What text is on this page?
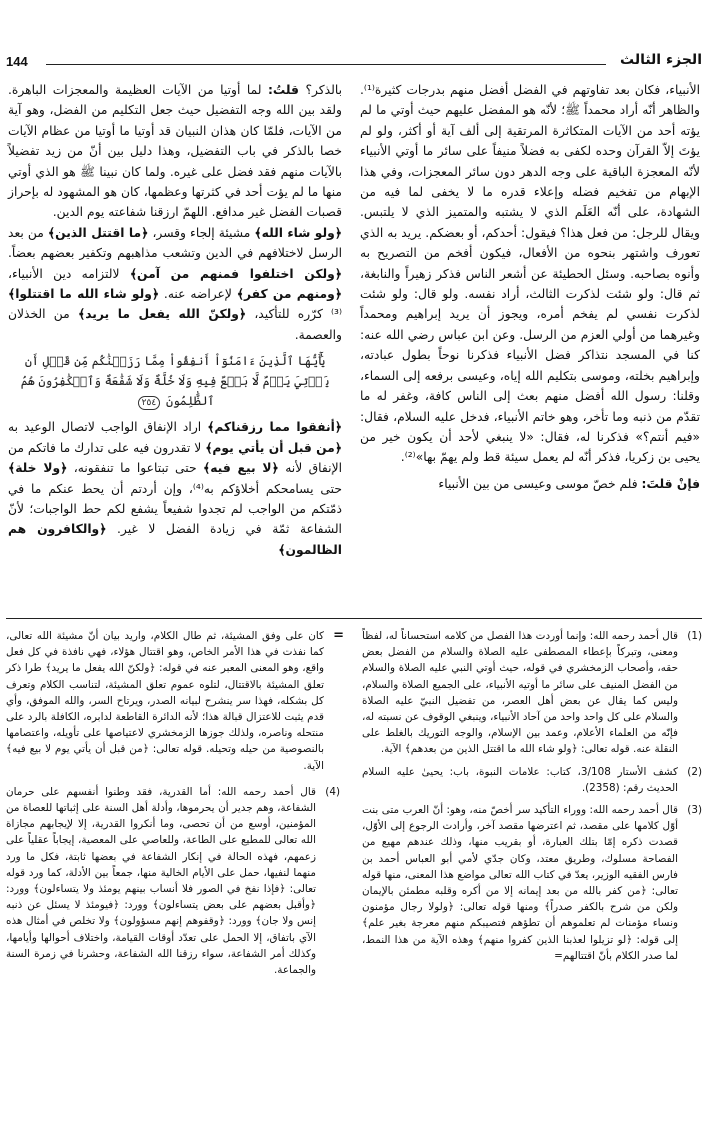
144	الجزء الثالث

الأنبياء، فكان بعد تفاوتهم في الفضل أفضل منهم بدرجات كثيرة⁽¹⁾. والظاهر أنّه أراد محمداً ﷺ؛ لأنّه هو المفضل عليهم حيث أوتي ما لم يؤته أحد من الآيات المتكاثرة المرتقية إلى ألف آية أو أكثر، ولو لم يؤتَ إلاّ القرآن وحده لكفى به فضلاً منيفاً على سائر ما أوتي الأنبياء لأنّه المعجزة الباقية على وجه الدهر دون سائر المعجزات، وفي هذا الإبهام من تفخيم فضله وإعلاء قدره ما لا يخفى لما فيه من الشهادة، على أنّه العَلَم الذي لا يشتبه والمتميز الذي لا يلتبس. ويقال للرجل: من فعل هذا؟ فيقول: أحدكم، أو بعضكم. يريد به الذي تعورف واشتهر بنحوه من الأفعال، فيكون أفخم من التصريح به وأنوه بصاحبه. وسئل الحطيئة عن أشعر الناس فذكر زهيراً والنابغة، ثم قال: ولو شئت لذكرت الثالث، أراد نفسه. ولو قال: ولو شئت لذكرت نفسي لم يفخم أمره، ويجوز أن يريد إبراهيم ومحمداً وغيرهما من أولي العزم من الرسل. وعن ابن عباس رضي الله عنه: كنا في المسجد نتذاكر فضل الأنبياء فذكرنا نوحاً بطول عبادته، وإبراهيم بخلته، وموسى بتكليم الله إياه، وعيسى برفعه إلى السماء، وقلنا: رسول الله أفضل منهم بعث إلى الناس كافة، وغفر له ما تقدّم من ذنبه وما تأخر، وهو خاتم الأنبياء، فدخل عليه السلام، فقال: «فيم أنتم؟» فذكرنا له، فقال: «لا ينبغي لأحد أن يكون خير من يحيى بن زكريا، فذكر أنّه لم يعمل سيئة قط ولم يهمّ بها»⁽²⁾.

فإنْ قلتَ: فلم خصّ موسى وعيسى من بين الأنبياء

بالذكر؟ قلتُ: لما أوتيا من الآيات العظيمة والمعجزات الباهرة. ولقد بين الله وجه التفضيل حيث جعل التكليم من الفضل، وهو آية من الآيات، فلمّا كان هذان النبيان قد أوتيا ما أوتيا من عظام الآيات خصا بالذكر في باب التفضيل، وهذا دليل بين أنّ من زيد تفضيلاً بالآيات منهم فقد فضل على غيره. ولما كان نبينا ﷺ هو الذي أوتي منها ما لم يؤت أحد في كثرتها وعظمها، كان هو المشهود له بإحراز قصبات الفضل غير مدافع. اللهمّ ارزقنا شفاعته يوم الدين.

﴿ولو شاء الله﴾ مشيئة إلجاء وقسر، ﴿ما اقتتل الذين﴾ من بعد الرسل لاختلافهم في الدين وتشعب مذاهبهم وتكفير بعضهم بعضاً. ﴿ولكن اختلفوا فمنهم من آمن﴾ لالتزامه دين الأنبياء، ﴿ومنهم من كفر﴾ لإعراضه عنه. ﴿ولو شاء الله ما اقتتلوا﴾ ⁽³⁾ كرّره للتأكيد، ﴿ولكنّ الله يفعل ما يريد﴾ من الخذلان والعصمة.

يَٰٓأَيُّهَا ٱلَّذِينَ ءَامَنُوٓاْ أَنفِقُواْ مِمَّا رَزَقۡنَٰكُم مِّن قَبۡلِ أَن يَأۡتِيَ يَوۡمٌ لَّا بَيۡعٌ فِيهِ وَلَا خُلَّةٌ وَلَا شَفَٰعَةٌ وَٱلۡكَٰفِرُونَ هُمُ ٱلظَّٰلِمُونَ ٢٥٤

﴿أنفقوا مما رزقناكم﴾ اراد الإنفاق الواجب لاتصال الوعيد به ﴿من قبل أن يأتي يوم﴾ لا تقدرون فيه على تدارك ما فاتكم من الإنفاق لأنه ﴿لا بيع فيه﴾ حتى تبتاعوا ما تنفقونه، ﴿ولا خلة﴾ حتى يسامحكم أخلاؤكم به⁽⁴⁾، وإن أردتم أن يحط عنكم ما في ذمّتكم من الواجب لم تجدوا شفيعاً يشفع لكم حط الواجبات؛ لأنّ الشفاعة ثمّة في زيادة الفضل لا غير. ﴿والكافرون هم الظالمون﴾

(1)
قال أحمد رحمه الله: وإنما أوردت هذا الفصل من كلامه استحساناً له، لفظاً ومعنى، وتبركاً بإعطاء المصطفى عليه الصلاة والسلام من الفضل بعض حقه، وأصحاب الزمخشري في قوله، حيث أوتي النبي عليه الصلاة والسلام من الفضل المنيف على سائر ما أوتيه الأنبياء، على الجميع الصلاة والسلام، وليس كما يقال عن بعض أهل العصر، من تفضيل النبيّ عليه الصلاة والسلام على كل واحد واحد من آحاد الأنبياء، وينبغي الوقوف عن نسبته له، فإنّه من العلماء الأعلام، وعمد بين الإسلام، والوجه التوريك بالغلط على النقلة عنه. قوله تعالى: ﴿ولو شاء الله ما اقتتل الذين من بعدهم﴾ الآية.
(2)
كشف الأستار 3/108، كتاب: علامات النبوة، باب: يحيىٰ عليه السلام الحديث رقم: (2358).
(3)
قال أحمد رحمه الله: ووراء التأكيد سر أخصّ منه، وهو: أنّ العرب متى بنت أوّل كلامها على مقصد، ثم اعترضها مقصد آخر، وأرادت الرجوع إلى الأوّل، قصدت ذكره إمّا بتلك العبارة، أو بقريب منها، وذلك عندهم مهيع من الفصاحة مسلوك، وطريق معتد، وكان جدّي لأمي أبو العباس أحمد بن فارس الفقيه الوزير، يعدّ في كتاب الله تعالى مواضع هذا المعنى، منها قوله تعالى: ﴿من كفر بالله من بعد إيمانه إلا من أكره وقلبه مطمئن بالإيمان ولكن من شرح بالكفر صدراً﴾ ومنها قوله تعالى: ﴿ولولا رجال مؤمنون ونساء مؤمنات لم تعلموهم أن تطؤهم فتصيبكم منهم معرجة بغير علم﴾ إلى قوله: ﴿لو تزيلوا لعذبنا الذين كفروا منهم﴾ وهذه الآية من هذا النمط، لما صدر الكلام بأنّ اقتتالهم=
=
كان على وفق المشيئة، ثم طال الكلام، واريد بيان أنّ مشيئة الله تعالى، كما نفذت في هذا الأمر الخاص، وهو اقتتال هؤلاء، فهي نافذة في كل فعل واقع، وهو المعنى المعبر عنه في قوله: ﴿ولكنّ الله يفعل ما يريد﴾ طرا ذكر تعلق المشيئة بالاقتتال، لتلوه عموم تعلق المشيئة، لتناسب الكلام وتعرف كل بشكله، فهذا سر ينشرح لبيانه الصدر، ويرتاح السر، والله الموفق، وأي قدم يثبت للاعتزال قبالة هذا؛ لأنه الدائرة القاطعة لدابره، الكافلة بالرد على منتحله وناصره، ولذلك جوزها الزمخشري لاعتياصها على تأويله، واعتصامها بالنصوصية من حيله وتحيله. قوله تعالى: ﴿من قبل أن يأتي يوم لا بيع فيه﴾ الآية.
(4)
قال أحمد رحمه الله: أما القدرية، فقد وطنوا أنفسهم على حرمان الشفاعة، وهم جدير أن يحرموها، وأدلة أهل السنة على إثباتها للعصاة من المؤمنين، أوسع من أن تحصى، وما أنكروا القدرية، إلا لإيجابهم مجازاة الله تعالى للمطيع على الطاعة، وللعاصي على المعصية، إيجاباً عقلياً على زعمهم، فهذه الحالة في إنكار الشفاعة في بعضها ثابتة، فكل ما ورد منهما لنفيها، حمل على الأيام الخالية منها، جمعاً بين الأدلة، كما ورد قوله تعالى: ﴿فإذا نفخ في الصور فلا أنساب بينهم يومئذ ولا يتساءلون﴾ وورد: ﴿وأقبل بعضهم على بعض يتساءلون﴾ وورد: ﴿فيومئذ لا يسئل عن ذنبه إنس ولا جان﴾ وورد: ﴿وقفوهم إنهم مسؤولون﴾ ولا تخلص في أمثال هذه الآي باتفاق، إلا الحمل على تعدّد أوقات القيامة، واختلاف أحوالها وأيامها، وكذلك أمر الشفاعة، سواء رزقنا الله الشفاعة، وحشرنا في زمرة السنة والجماعة.
